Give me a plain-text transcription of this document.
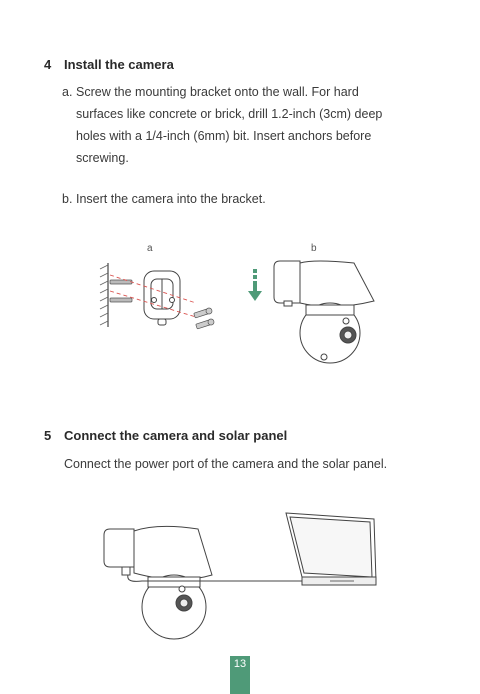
4 Install the camera
a. Screw the mounting bracket onto the wall. For hard
surfaces like concrete or brick, drill 1.2-inch (3cm) deep
holes with a 1/4-inch (6mm) bit. Insert anchors before
screwing.
b. Insert the camera into the bracket.
a	b
5 Connect the camera and solar panel
Connect the power port of the camera and the solar panel.
13
